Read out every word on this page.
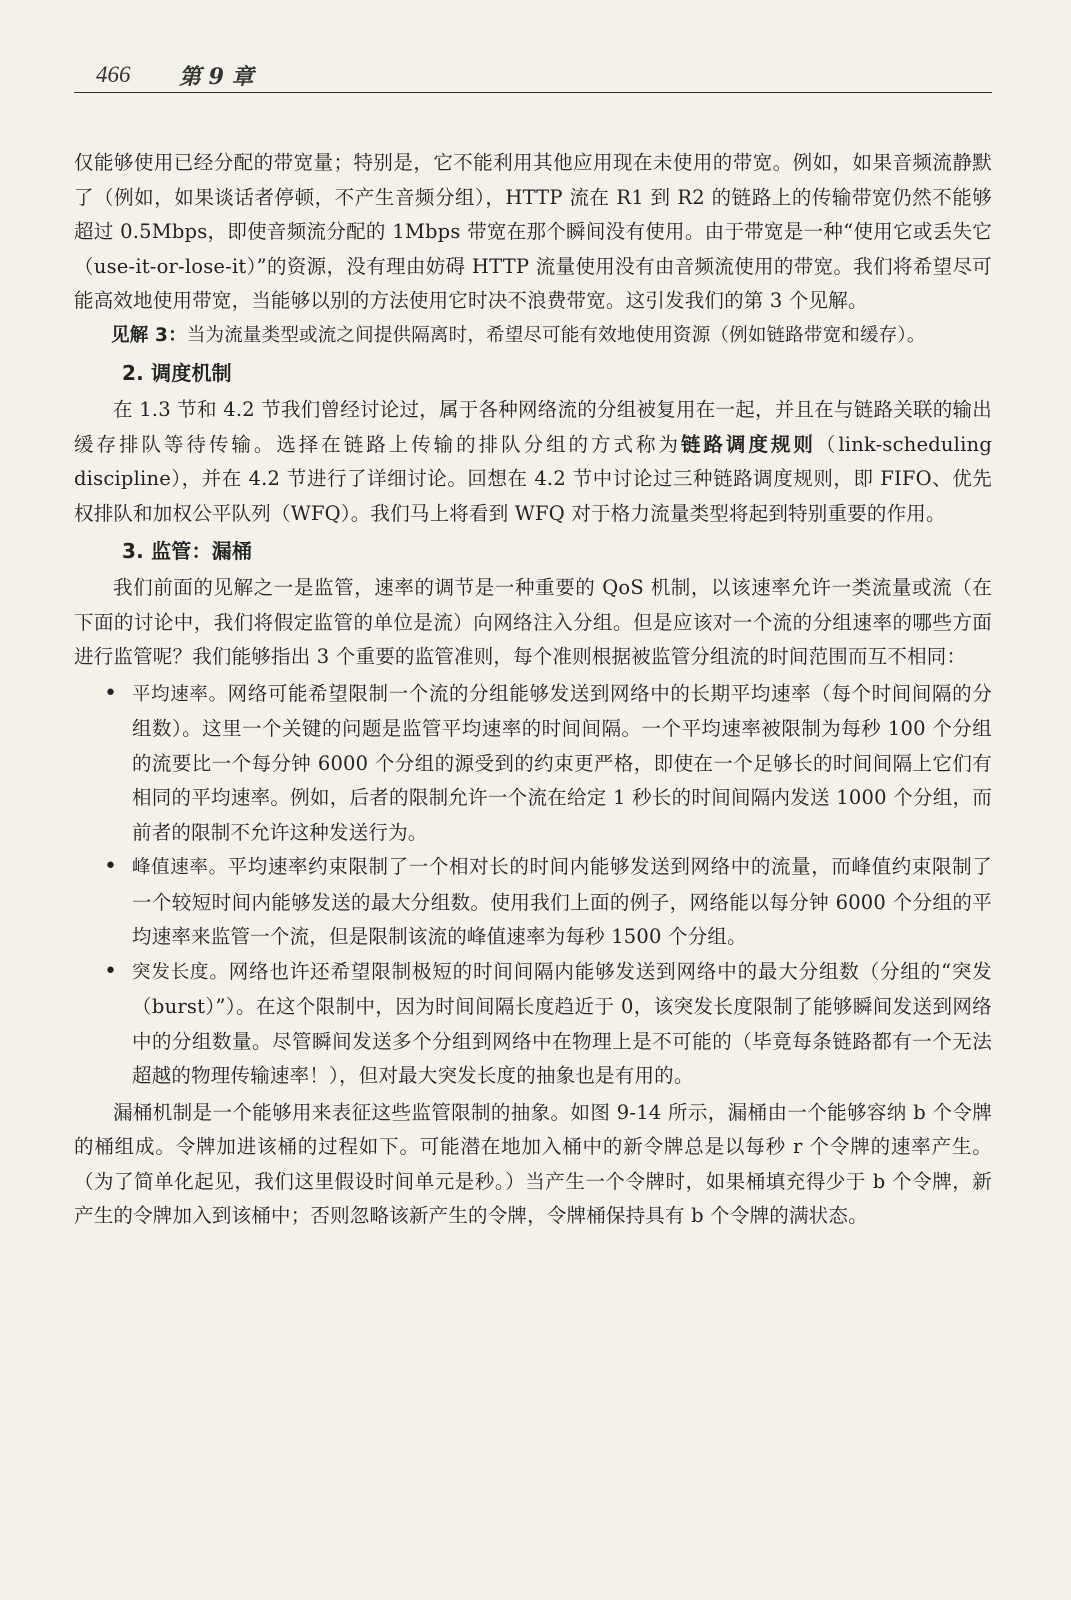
466 第 9 章

仅能够使用已经分配的带宽量；特别是，它不能利用其他应用现在未使用的带宽。例如，如果音频流静默了（例如，如果谈话者停顿，不产生音频分组），HTTP 流在 R1 到 R2 的链路上的传输带宽仍然不能够超过 0.5Mbps，即使音频流分配的 1Mbps 带宽在那个瞬间没有使用。由于带宽是一种“使用它或丢失它（use-it-or-lose-it）”的资源，没有理由妨碍 HTTP 流量使用没有由音频流使用的带宽。我们将希望尽可能高效地使用带宽，当能够以别的方法使用它时决不浪费带宽。这引发我们的第 3 个见解。

见解 3：当为流量类型或流之间提供隔离时，希望尽可能有效地使用资源（例如链路带宽和缓存）。

2. 调度机制

在 1.3 节和 4.2 节我们曾经讨论过，属于各种网络流的分组被复用在一起，并且在与链路关联的输出缓存排队等待传输。选择在链路上传输的排队分组的方式称为链路调度规则（link-scheduling discipline），并在 4.2 节进行了详细讨论。回想在 4.2 节中讨论过三种链路调度规则，即 FIFO、优先权排队和加权公平队列（WFQ）。我们马上将看到 WFQ 对于格力流量类型将起到特别重要的作用。

3. 监管：漏桶

我们前面的见解之一是监管，速率的调节是一种重要的 QoS 机制，以该速率允许一类流量或流（在下面的讨论中，我们将假定监管的单位是流）向网络注入分组。但是应该对一个流的分组速率的哪些方面进行监管呢？我们能够指出 3 个重要的监管准则，每个准则根据被监管分组流的时间范围而互不相同：

• 平均速率。网络可能希望限制一个流的分组能够发送到网络中的长期平均速率（每个时间间隔的分组数）。这里一个关键的问题是监管平均速率的时间间隔。一个平均速率被限制为每秒 100 个分组的流要比一个每分钟 6000 个分组的源受到的约束更严格，即使在一个足够长的时间间隔上它们有相同的平均速率。例如，后者的限制允许一个流在给定 1 秒长的时间间隔内发送 1000 个分组，而前者的限制不允许这种发送行为。
• 峰值速率。平均速率约束限制了一个相对长的时间内能够发送到网络中的流量，而峰值约束限制了一个较短时间内能够发送的最大分组数。使用我们上面的例子，网络能以每分钟 6000 个分组的平均速率来监管一个流，但是限制该流的峰值速率为每秒 1500 个分组。
• 突发长度。网络也许还希望限制极短的时间间隔内能够发送到网络中的最大分组数（分组的“突发（burst）”）。在这个限制中，因为时间间隔长度趋近于 0，该突发长度限制了能够瞬间发送到网络中的分组数量。尽管瞬间发送多个分组到网络中在物理上是不可能的（毕竟每条链路都有一个无法超越的物理传输速率！），但对最大突发长度的抽象也是有用的。

漏桶机制是一个能够用来表征这些监管限制的抽象。如图 9-14 所示，漏桶由一个能够容纳 b 个令牌的桶组成。令牌加进该桶的过程如下。可能潜在地加入桶中的新令牌总是以每秒 r 个令牌的速率产生。（为了简单化起见，我们这里假设时间单元是秒。）当产生一个令牌时，如果桶填充得少于 b 个令牌，新产生的令牌加入到该桶中；否则忽略该新产生的令牌，令牌桶保持具有 b 个令牌的满状态。
